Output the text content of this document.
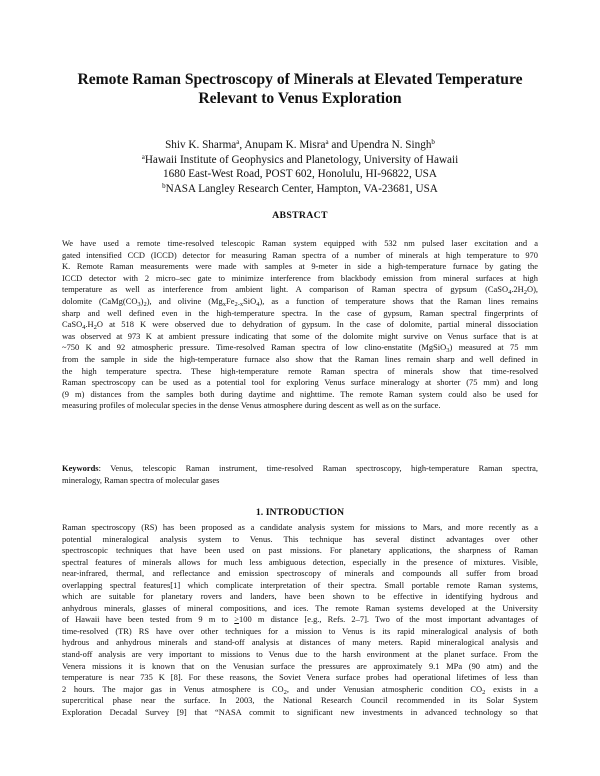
Remote Raman Spectroscopy of Minerals at Elevated Temperature
Relevant to Venus Exploration
Shiv K. Sharma$^a$, Anupam K. Misra$^a$ and Upendra N. Singh$^b$
$^a$Hawaii Institute of Geophysics and Planetology, University of Hawaii
1680 East-West Road, POST 602, Honolulu, HI-96822, USA
$^b$NASA Langley Research Center, Hampton, VA-23681, USA
ABSTRACT
We have used a remote time-resolved telescopic Raman system equipped with 532 nm pulsed laser excitation and a
gated intensified CCD (ICCD) detector for measuring Raman spectra of a number of minerals at high temperature to 970
K. Remote Raman measurements were made with samples at 9-meter in side a high-temperature furnace by gating the
ICCD detector with 2 micro–sec gate to minimize interference from blackbody emission from mineral surfaces at high
temperature as well as interference from ambient light. A comparison of Raman spectra of gypsum $(CaSO_4.2H_2O)$,
dolomite $(CaMg(CO_3)_2)$, and olivine $(Mg_xFe_{2-x}SiO_4)$, as a function of temperature shows that the Raman lines remains
sharp and well defined even in the high-temperature spectra. In the case of gypsum, Raman spectral fingerprints of
$CaSO_4.H_2O$ at 518 K were observed due to dehydration of gypsum. In the case of dolomite, partial mineral dissociation
was observed at 973 K at ambient pressure indicating that some of the dolomite might survive on Venus surface that is at
~750 K and 92 atmospheric pressure. Time-resolved Raman spectra of low clino-enstatite (MgSiO$_3$) measured at 75 mm
from the sample in side the high-temperature furnace also show that the Raman lines remain sharp and well defined in
the high temperature spectra. These high-temperature remote Raman spectra of minerals show that time-resolved
Raman spectroscopy can be used as a potential tool for exploring Venus surface mineralogy at shorter (75 mm) and long
(9 m) distances from the samples both during daytime and nighttime. The remote Raman system could also be used for
measuring profiles of molecular species in the dense Venus atmosphere during descent as well as on the surface.
Keywords: Venus, telescopic Raman instrument, time-resolved Raman spectroscopy, high-temperature Raman spectra,
mineralogy, Raman spectra of molecular gases
1. INTRODUCTION
Raman spectroscopy (RS) has been proposed as a candidate analysis system for missions to Mars, and more recently as a
potential mineralogical analysis system to Venus. This technique has several distinct advantages over other
spectroscopic techniques that have been used on past missions. For planetary applications, the sharpness of Raman
spectral features of minerals allows for much less ambiguous detection, especially in the presence of mixtures. Visible,
near-infrared, thermal, and reflectance and emission spectroscopy of minerals and compounds all suffer from broad
overlapping spectral features[1] which complicate interpretation of their spectra. Small portable remote Raman systems,
which are suitable for planetary rovers and landers, have been shown to be effective in identifying hydrous and
anhydrous minerals, glasses of mineral compositions, and ices. The remote Raman systems developed at the University
of Hawaii have been tested from 9 m to >100 m distance [e.g., Refs. 2–7]. Two of the most important advantages of
time-resolved (TR) RS have over other techniques for a mission to Venus is its rapid mineralogical analysis of both
hydrous and anhydrous minerals and stand-off analysis at distances of many meters. Rapid mineralogical analysis and
stand-off analysis are very important to missions to Venus due to the harsh environment at the planet surface. From the
Venera missions it is known that on the Venusian surface the pressures are approximately 9.1 MPa (90 atm) and the
temperature is near 735 K [8]. For these reasons, the Soviet Venera surface probes had operational lifetimes of less than
2 hours. The major gas in Venus atmosphere is $CO_2$, and under Venusian atmospheric condition $CO_2$ exists in a
supercritical phase near the surface. In 2003, the National Research Council recommended in its Solar System
Exploration Decadal Survey [9] that “NASA commit to significant new investments in advanced technology so that
